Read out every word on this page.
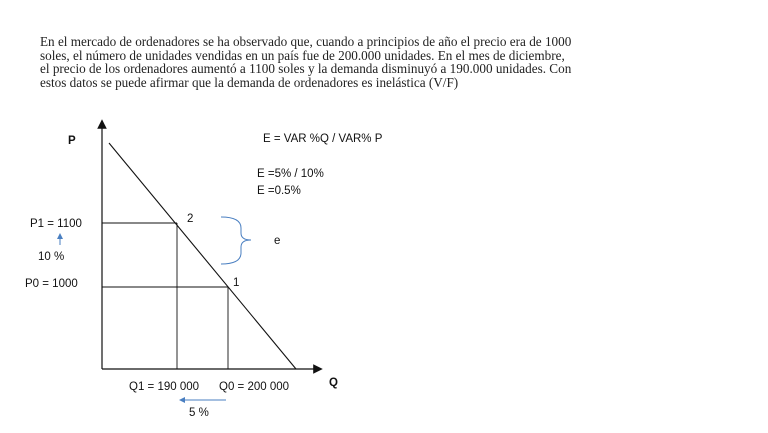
En el mercado de ordenadores se ha observado que, cuando a principios de año el precio era de 1000
soles, el número de unidades vendidas en un país fue de 200.000 unidades. En el mes de diciembre,
el precio de los ordenadores aumentó a 1100 soles y la demanda disminuyó a 190.000 unidades. Con
estos datos se puede afirmar que la demanda de ordenadores es inelástica (V/F)
P
Q
E = VAR %Q / VAR% P
E =5% / 10%
E =0.5%
P1 = 1100
P0 = 1000
10 %
2
1
e
Q1 = 190 000 Q0 = 200 000
5 %
